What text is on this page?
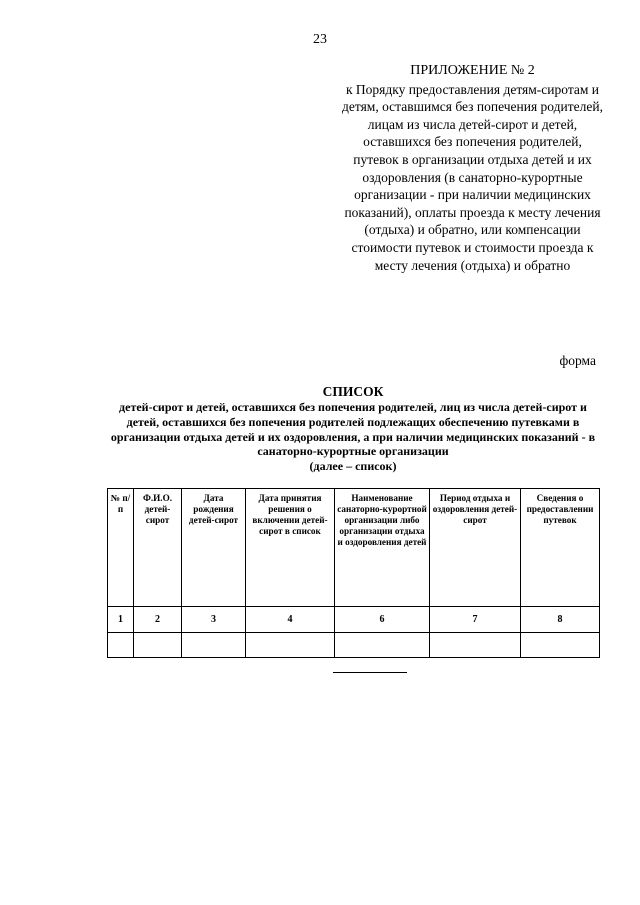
23
ПРИЛОЖЕНИЕ № 2
к Порядку предоставления детям-сиротам и детям, оставшимся без попечения родителей, лицам из числа детей-сирот и детей, оставшихся без попечения родителей, путевок в организации отдыха детей и их оздоровления (в санаторно-курортные организации - при наличии медицинских показаний), оплаты проезда к месту лечения (отдыха) и обратно, или компенсации стоимости путевок и стоимости проезда к месту лечения (отдыха) и обратно
форма
СПИСОК
детей-сирот и детей, оставшихся без попечения родителей, лиц из числа детей-сирот и детей, оставшихся без попечения родителей подлежащих обеспечению путевками в организации отдыха детей и их оздоровления, а при наличии медицинских показаний - в санаторно-курортные организации
(далее – список)
№ п/п	Ф.И.О. детей-сирот	Дата рождения детей-сирот	Дата принятия решения о включении детей-сирот в список	Наименование санаторно-курортной организации либо организации отдыха и оздоровления детей	Период отдыха и оздоровления детей-сирот	Сведения о предоставлении путевок
1	2	3	4	6	7	8
